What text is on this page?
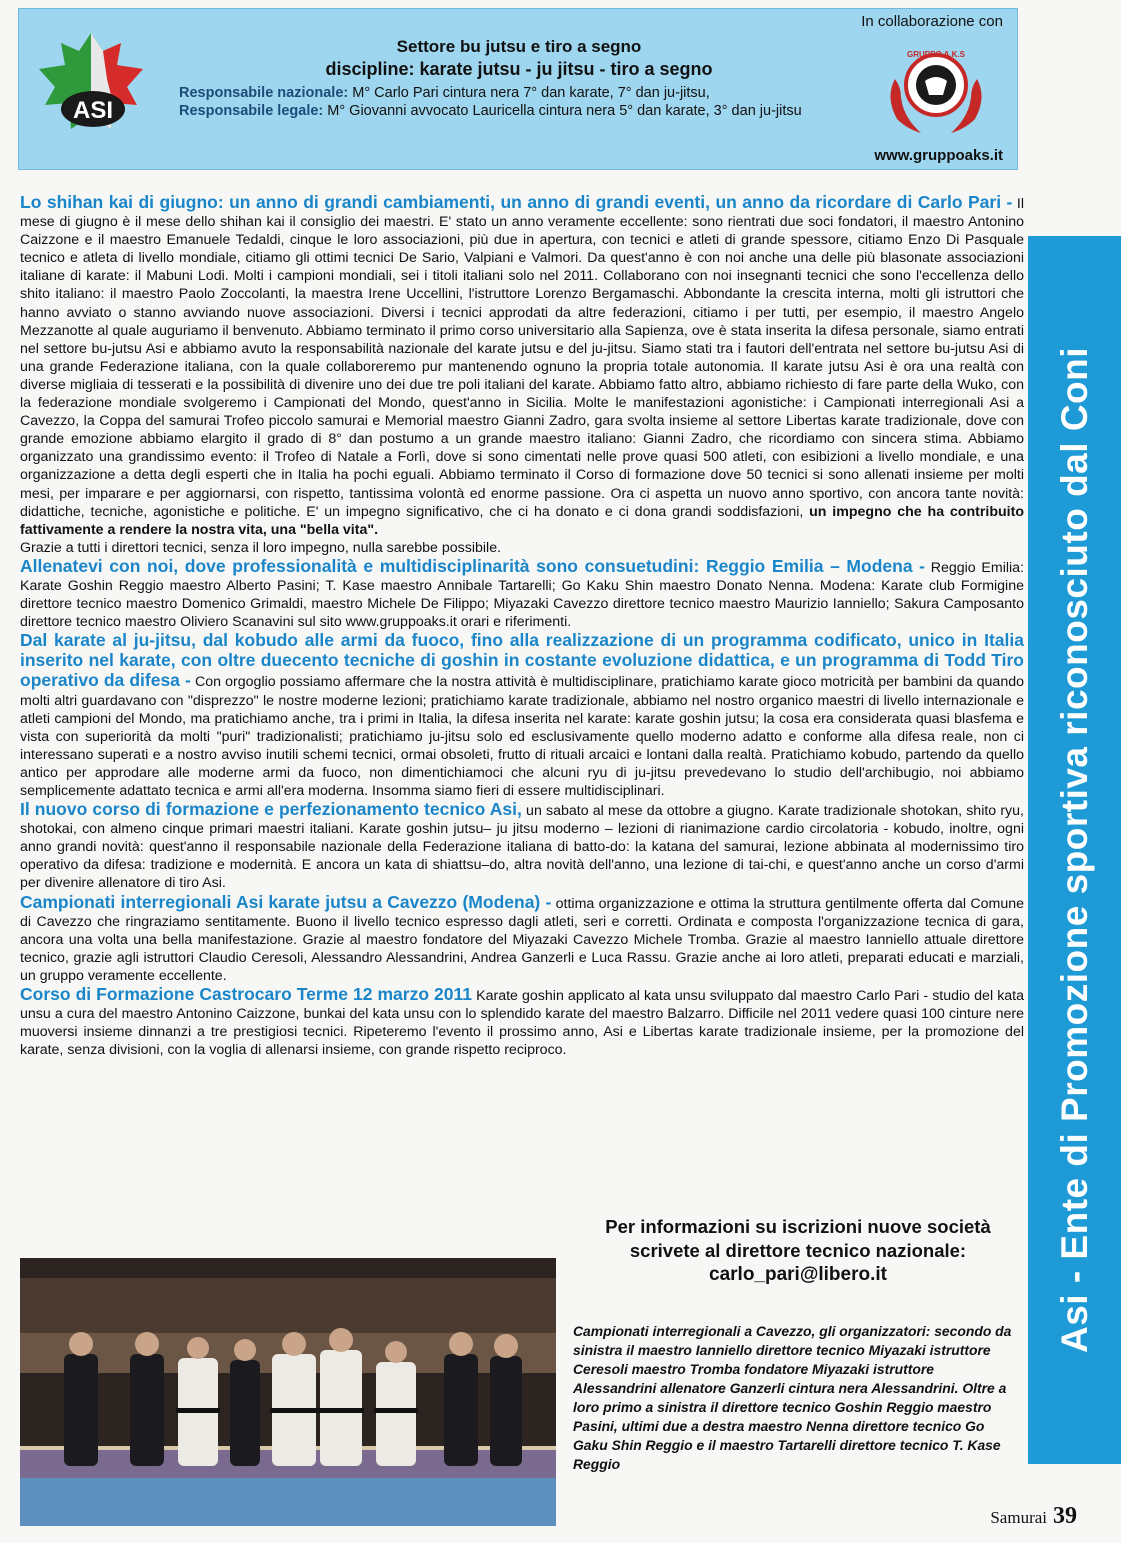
ASI
Settore bu jutsu e tiro a segno
discipline: karate jutsu - ju jitsu - tiro a segno
Responsabile nazionale: M° Carlo Pari cintura nera 7° dan karate, 7° dan ju-jitsu,
Responsabile legale: M° Giovanni avvocato Lauricella cintura nera 5° dan karate, 3° dan ju-jitsu
In collaborazione con
GRUPPO A.K.S
www.gruppoaks.it
Asi - Ente di Promozione sportiva riconosciuto dal Coni

Lo shihan kai di giugno: un anno di grandi cambiamenti, un anno di grandi eventi, un anno da ricordare di Carlo Pari - Il mese di giugno è il mese dello shihan kai il consiglio dei maestri. E' stato un anno veramente eccellente: sono rientrati due soci fondatori, il maestro Antonino Caizzone e il maestro Emanuele Tedaldi, cinque le loro associazioni, più due in apertura, con tecnici e atleti di grande spessore, citiamo Enzo Di Pasquale tecnico e atleta di livello mondiale, citiamo gli ottimi tecnici De Sario, Valpiani e Valmori. Da quest'anno è con noi anche una delle più blasonate associazioni italiane di karate: il Mabuni Lodi. Molti i campioni mondiali, sei i titoli italiani solo nel 2011. Collaborano con noi insegnanti tecnici che sono l'eccellenza dello shito italiano: il maestro Paolo Zoccolanti, la maestra Irene Uccellini, l'istruttore Lorenzo Bergamaschi. Abbondante la crescita interna, molti gli istruttori che hanno avviato o stanno avviando nuove associazioni. Diversi i tecnici approdati da altre federazioni, citiamo i per tutti, per esempio, il maestro Angelo Mezzanotte al quale auguriamo il benvenuto. Abbiamo terminato il primo corso universitario alla Sapienza, ove è stata inserita la difesa personale, siamo entrati nel settore bu-jutsu Asi e abbiamo avuto la responsabilità nazionale del karate jutsu e del ju-jitsu. Siamo stati tra i fautori dell'entrata nel settore bu-jutsu Asi di una grande Federazione italiana, con la quale collaboreremo pur mantenendo ognuno la propria totale autonomia. Il karate jutsu Asi è ora una realtà con diverse migliaia di tesserati e la possibilità di divenire uno dei due tre poli italiani del karate. Abbiamo fatto altro, abbiamo richiesto di fare parte della Wuko, con la federazione mondiale svolgeremo i Campionati del Mondo, quest'anno in Sicilia. Molte le manifestazioni agonistiche: i Campionati interregionali Asi a Cavezzo, la Coppa del samurai Trofeo piccolo samurai e Memorial maestro Gianni Zadro, gara svolta insieme al settore Libertas karate tradizionale, dove con grande emozione abbiamo elargito il grado di 8° dan postumo a un grande maestro italiano: Gianni Zadro, che ricordiamo con sincera stima. Abbiamo organizzato una grandissimo evento: il Trofeo di Natale a Forlì, dove si sono cimentati nelle prove quasi 500 atleti, con esibizioni a livello mondiale, e una organizzazione a detta degli esperti che in Italia ha pochi eguali. Abbiamo terminato il Corso di formazione dove 50 tecnici si sono allenati insieme per molti mesi, per imparare e per aggiornarsi, con rispetto, tantissima volontà ed enorme passione. Ora ci aspetta un nuovo anno sportivo, con ancora tante novità: didattiche, tecniche, agonistiche e politiche. E' un impegno significativo, che ci ha donato e ci dona grandi soddisfazioni, un impegno che ha contribuito fattivamente a rendere la nostra vita, una "bella vita".

Grazie a tutti i direttori tecnici, senza il loro impegno, nulla sarebbe possibile.

Allenatevi con noi, dove professionalità e multidisciplinarità sono consuetudini: Reggio Emilia – Modena - Reggio Emilia: Karate Goshin Reggio maestro Alberto Pasini; T. Kase maestro Annibale Tartarelli; Go Kaku Shin maestro Donato Nenna. Modena: Karate club Formigine direttore tecnico maestro Domenico Grimaldi, maestro Michele De Filippo; Miyazaki Cavezzo direttore tecnico maestro Maurizio Ianniello; Sakura Camposanto direttore tecnico maestro Oliviero Scanavini sul sito www.gruppoaks.it orari e riferimenti.

Dal karate al ju-jitsu, dal kobudo alle armi da fuoco, fino alla realizzazione di un programma codificato, unico in Italia inserito nel karate, con oltre duecento tecniche di goshin in costante evoluzione didattica, e un programma di Todd Tiro operativo da difesa - Con orgoglio possiamo affermare che la nostra attività è multidisciplinare, pratichiamo karate gioco motricità per bambini da quando molti altri guardavano con "disprezzo" le nostre moderne lezioni; pratichiamo karate tradizionale, abbiamo nel nostro organico maestri di livello internazionale e atleti campioni del Mondo, ma pratichiamo anche, tra i primi in Italia, la difesa inserita nel karate: karate goshin jutsu; la cosa era considerata quasi blasfema e vista con superiorità da molti "puri" tradizionalisti; pratichiamo ju-jitsu solo ed esclusivamente quello moderno adatto e conforme alla difesa reale, non ci interessano superati e a nostro avviso inutili schemi tecnici, ormai obsoleti, frutto di rituali arcaici e lontani dalla realtà. Pratichiamo kobudo, partendo da quello antico per approdare alle moderne armi da fuoco, non dimentichiamoci che alcuni ryu di ju-jitsu prevedevano lo studio dell'archibugio, noi abbiamo semplicemente adattato tecnica e armi all'era moderna. Insomma siamo fieri di essere multidisciplinari.

Il nuovo corso di formazione e perfezionamento tecnico Asi, un sabato al mese da ottobre a giugno. Karate tradizionale shotokan, shito ryu, shotokai, con almeno cinque primari maestri italiani. Karate goshin jutsu– ju jitsu moderno – lezioni di rianimazione cardio circolatoria - kobudo, inoltre, ogni anno grandi novità: quest'anno il responsabile nazionale della Federazione italiana di batto-do: la katana del samurai, lezione abbinata al modernissimo tiro operativo da difesa: tradizione e modernità. E ancora un kata di shiattsu–do, altra novità dell'anno, una lezione di tai-chi, e quest'anno anche un corso d'armi per divenire allenatore di tiro Asi.

Campionati interregionali Asi karate jutsu a Cavezzo (Modena) - ottima organizzazione e ottima la struttura gentilmente offerta dal Comune di Cavezzo che ringraziamo sentitamente. Buono il livello tecnico espresso dagli atleti, seri e corretti. Ordinata e composta l'organizzazione tecnica di gara, ancora una volta una bella manifestazione. Grazie al maestro fondatore del Miyazaki Cavezzo Michele Tromba. Grazie al maestro Ianniello attuale direttore tecnico, grazie agli istruttori Claudio Ceresoli, Alessandro Alessandrini, Andrea Ganzerli e Luca Rassu. Grazie anche ai loro atleti, preparati educati e marziali, un gruppo veramente eccellente.

Corso di Formazione Castrocaro Terme 12 marzo 2011 Karate goshin applicato al kata unsu sviluppato dal maestro Carlo Pari - studio del kata unsu a cura del maestro Antonino Caizzone, bunkai del kata unsu con lo splendido karate del maestro Balzarro. Difficile nel 2011 vedere quasi 100 cinture nere muoversi insieme dinnanzi a tre prestigiosi tecnici. Ripeteremo l'evento il prossimo anno, Asi e Libertas karate tradizionale insieme, per la promozione del karate, senza divisioni, con la voglia di allenarsi insieme, con grande rispetto reciproco.

Per informazioni su iscrizioni nuove società
scrivete al direttore tecnico nazionale:
carlo_pari@libero.it
Campionati interregionali a Cavezzo, gli organizzatori: secondo da sinistra il maestro Ianniello direttore tecnico Miyazaki istruttore Ceresoli maestro Tromba fondatore Miyazaki istruttore Alessandrini allenatore Ganzerli cintura nera Alessandrini. Oltre a loro primo a sinistra il direttore tecnico Goshin Reggio maestro Pasini, ultimi due a destra maestro Nenna direttore tecnico Go Gaku Shin Reggio e il maestro Tartarelli direttore tecnico T. Kase Reggio
Samurai 39
